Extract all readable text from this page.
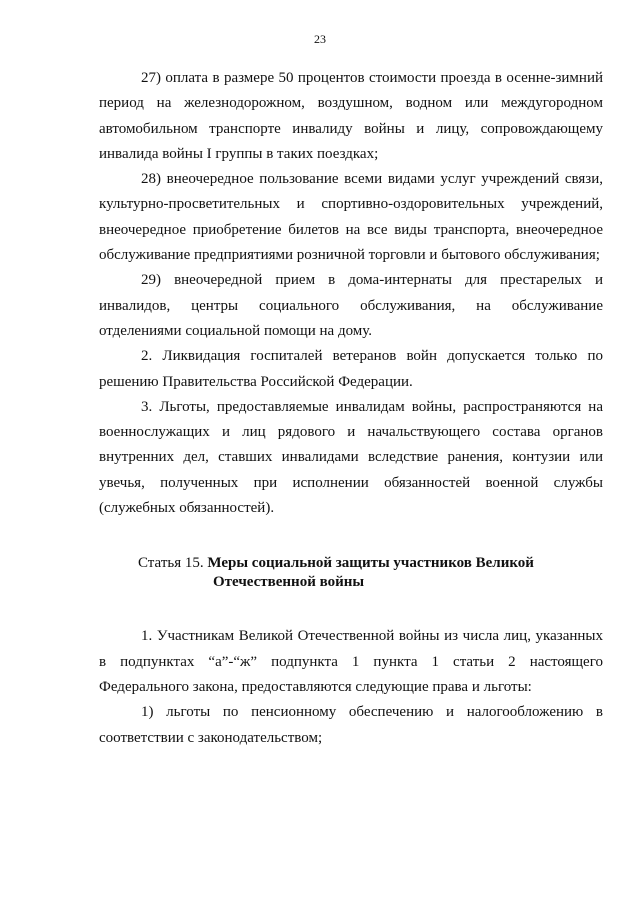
23

27) оплата в размере 50 процентов стоимости проезда в осенне-зимний период на железнодорожном, воздушном, водном или междугородном автомобильном транспорте инвалиду войны и лицу, сопровождающему инвалида войны I группы в таких поездках;

28) внеочередное пользование всеми видами услуг учреждений связи, культурно-просветительных и спортивно-оздоровительных учреждений, внеочередное приобретение билетов на все виды транспорта, внеочередное обслуживание предприятиями розничной торговли и бытового обслуживания;

29) внеочередной прием в дома-интернаты для престарелых и инвалидов, центры социального обслуживания, на обслуживание отделениями социальной помощи на дому.

2. Ликвидация госпиталей ветеранов войн допускается только по решению Правительства Российской Федерации.

3. Льготы, предоставляемые инвалидам войны, распространяются на военнослужащих и лиц рядового и начальствующего состава органов внутренних дел, ставших инвалидами вследствие ранения, контузии или увечья, полученных при исполнении обязанностей военной службы (служебных обязанностей).

Статья 15. Меры социальной защиты участников Великой
Отечественной войны

1. Участникам Великой Отечественной войны из числа лиц, указанных в подпунктах “а”-“ж” подпункта 1 пункта 1 статьи 2 настоящего Федерального закона, предоставляются следующие права и льготы:

1) льготы по пенсионному обеспечению и налогообложению в соответствии с законодательством;
